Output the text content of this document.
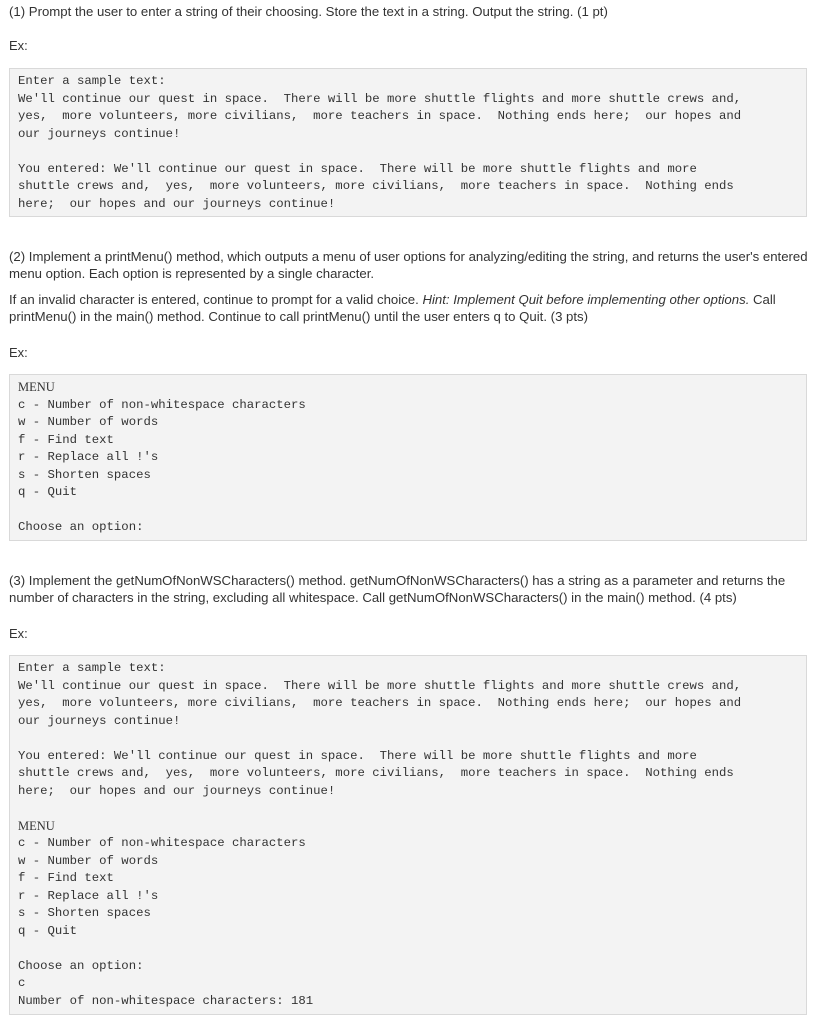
(1) Prompt the user to enter a string of their choosing. Store the text in a string. Output the string. (1 pt)

Ex:

Enter a sample text:
We'll continue our quest in space.  There will be more shuttle flights and more shuttle crews and,
yes,  more volunteers, more civilians,  more teachers in space.  Nothing ends here;  our hopes and
our journeys continue!
You entered: We'll continue our quest in space.  There will be more shuttle flights and more
shuttle crews and,  yes,  more volunteers, more civilians,  more teachers in space.  Nothing ends
here;  our hopes and our journeys continue!

(2) Implement a printMenu() method, which outputs a menu of user options for analyzing/editing the string, and returns the user's entered menu option. Each option is represented by a single character.

If an invalid character is entered, continue to prompt for a valid choice. Hint: Implement Quit before implementing other options. Call printMenu() in the main() method. Continue to call printMenu() until the user enters q to Quit. (3 pts)

Ex:

MENU
c - Number of non-whitespace characters
w - Number of words
f - Find text
r - Replace all !'s
s - Shorten spaces
q - Quit
Choose an option:

(3) Implement the getNumOfNonWSCharacters() method. getNumOfNonWSCharacters() has a string as a parameter and returns the number of characters in the string, excluding all whitespace. Call getNumOfNonWSCharacters() in the main() method. (4 pts)

Ex:

Enter a sample text:
We'll continue our quest in space.  There will be more shuttle flights and more shuttle crews and,
yes,  more volunteers, more civilians,  more teachers in space.  Nothing ends here;  our hopes and
our journeys continue!
You entered: We'll continue our quest in space.  There will be more shuttle flights and more
shuttle crews and,  yes,  more volunteers, more civilians,  more teachers in space.  Nothing ends
here;  our hopes and our journeys continue!
MENU
c - Number of non-whitespace characters
w - Number of words
f - Find text
r - Replace all !'s
s - Shorten spaces
q - Quit
Choose an option:
c
Number of non-whitespace characters: 181
